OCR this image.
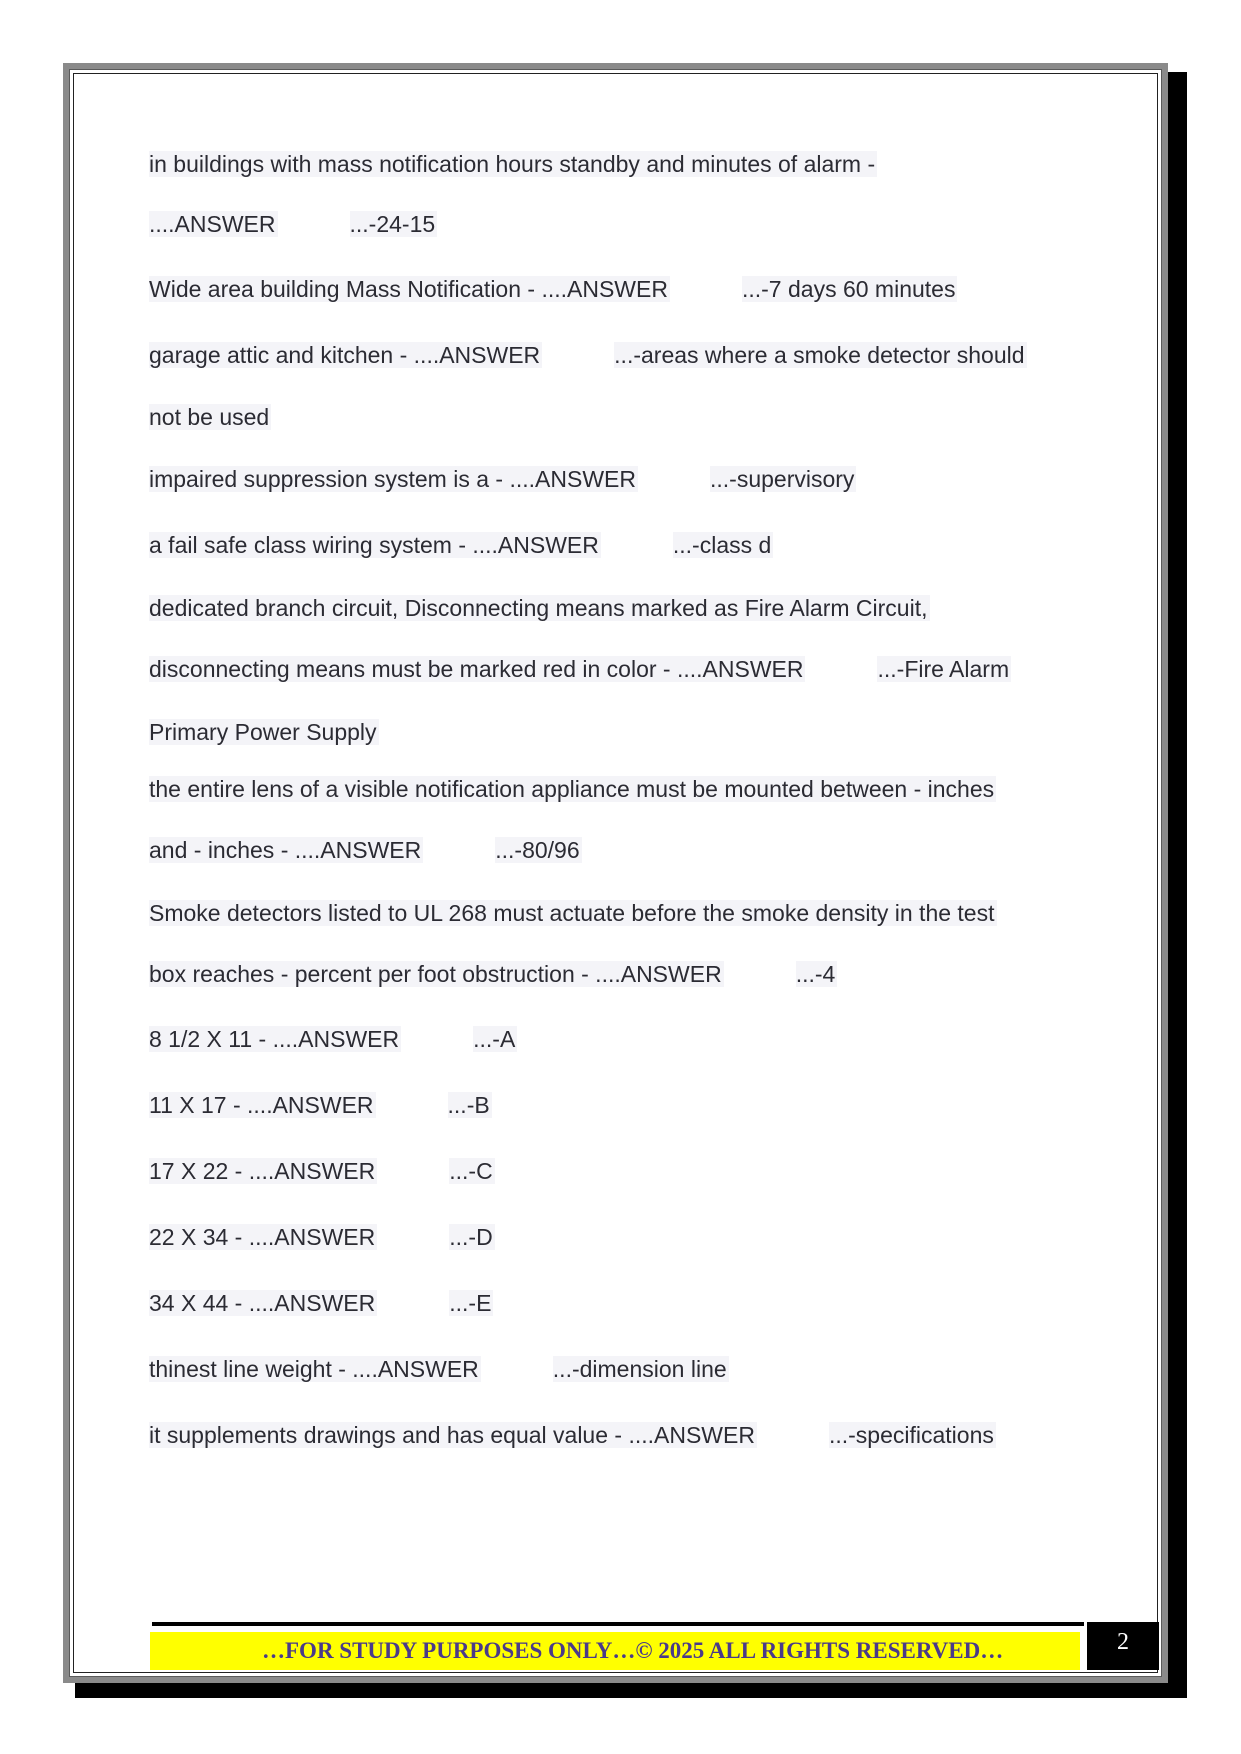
in buildings with mass notification hours standby and minutes of alarm -
....ANSWER	...-24-15
Wide area building Mass Notification - ....ANSWER	...-7 days 60 minutes
garage attic and kitchen - ....ANSWER	...-areas where a smoke detector should
not be used
impaired suppression system is a - ....ANSWER	...-supervisory
a fail safe class wiring system - ....ANSWER	...-class d
dedicated branch circuit, Disconnecting means marked as Fire Alarm Circuit,
disconnecting means must be marked red in color - ....ANSWER	...-Fire Alarm
Primary Power Supply
the entire lens of a visible notification appliance must be mounted between - inches
and - inches - ....ANSWER	...-80/96
Smoke detectors listed to UL 268 must actuate before the smoke density in the test
box reaches - percent per foot obstruction - ....ANSWER	...-4
8 1/2 X 11 - ....ANSWER	...-A
11 X 17 - ....ANSWER	...-B
17 X 22 - ....ANSWER	...-C
22 X 34 - ....ANSWER	...-D
34 X 44 - ....ANSWER	...-E
thinest line weight - ....ANSWER	...-dimension line
it supplements drawings and has equal value - ....ANSWER	...-specifications
…FOR STUDY PURPOSES ONLY…© 2025 ALL RIGHTS RESERVED…	2
